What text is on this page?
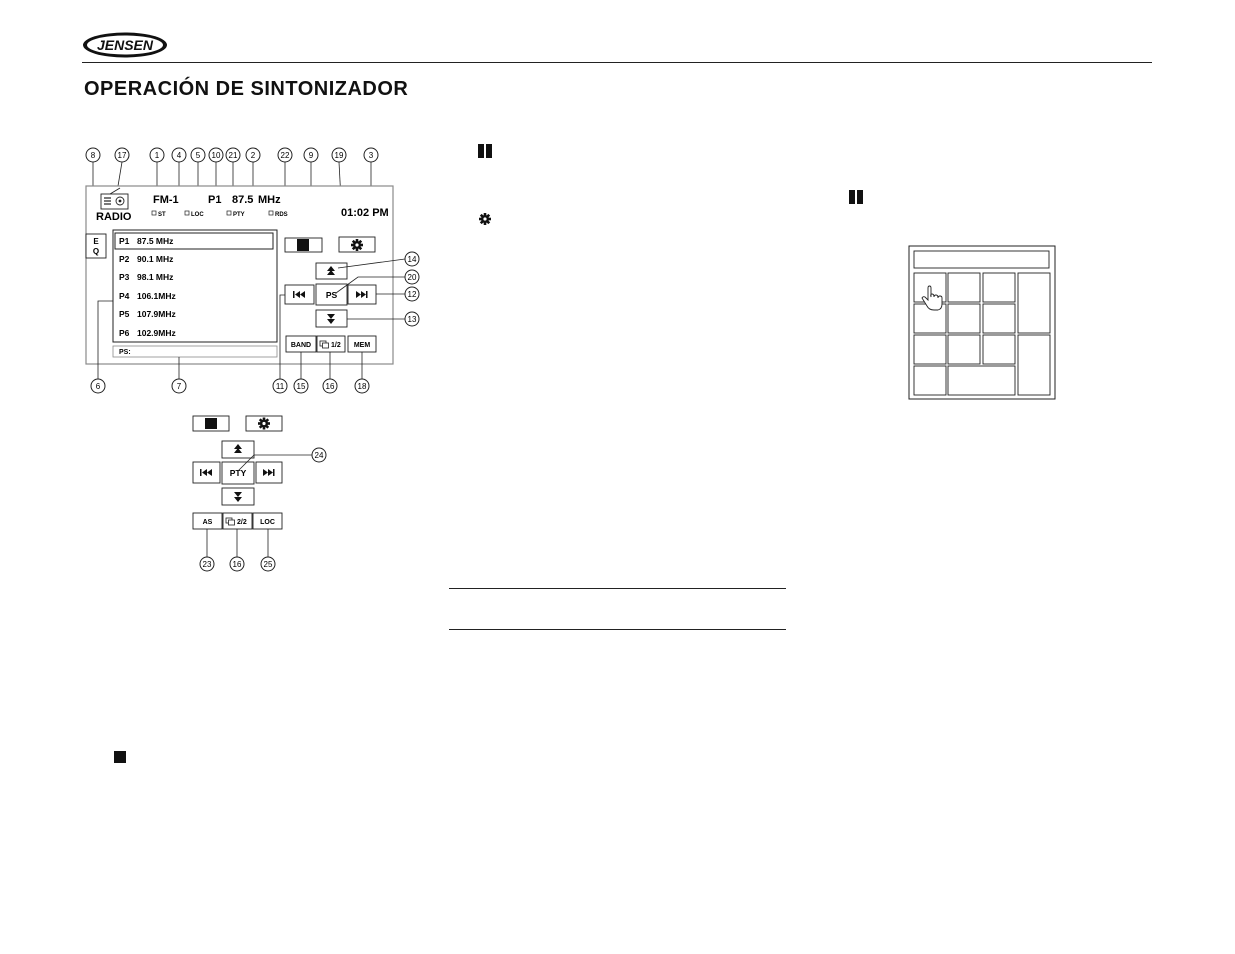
JENSEN
OPERACIÓN DE SINTONIZADOR
8	17	1 4 5 10 21 2	22 9	19	3
RADIO
FM-1	P1 87.5 MHz
01:02 PM
ST	LOC	PTY	RDS
E
Q
P1 87.5 MHz
P2 90.1 MHz
P3 98.1 MHz
P4 106.1MHz
P5 107.9MHz
P6 102.9MHz
PS:
PS
BAND	1/2 MEM
14
20
12
13
6	7	11 15	16	18
PTY
24
AS	2/2 LOC
23	16	25
